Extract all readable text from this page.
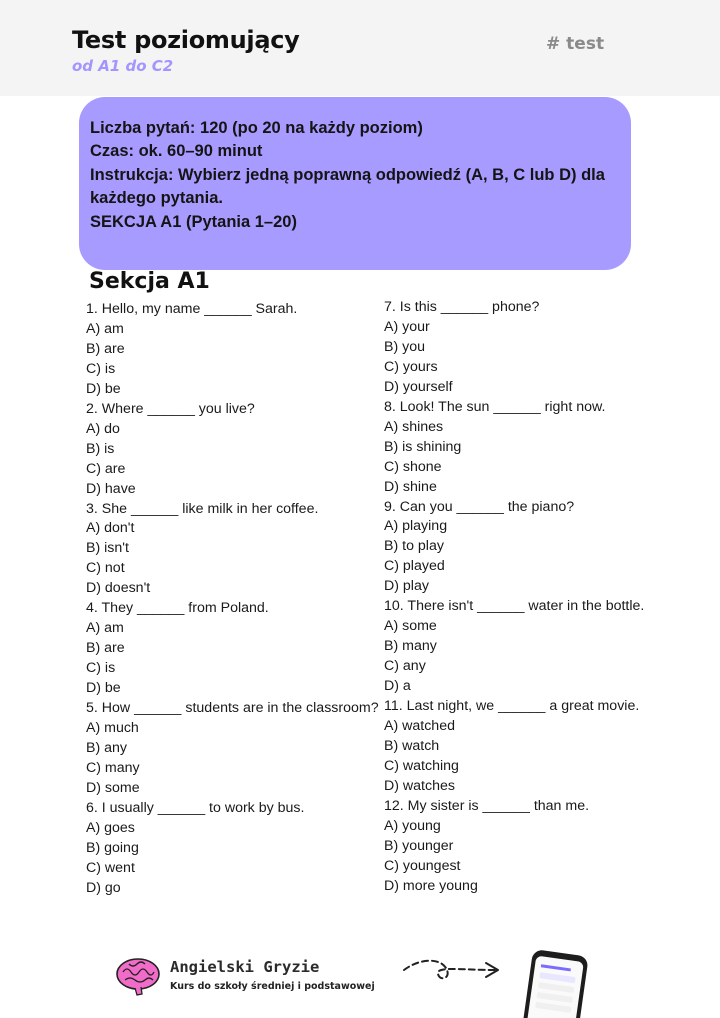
Test poziomujący
od A1 do C2
# test
Liczba pytań: 120 (po 20 na każdy poziom)
Czas: ok. 60–90 minut
Instrukcja: Wybierz jedną poprawną odpowiedź (A, B, C lub D) dla
każdego pytania.
SEKCJA A1 (Pytania 1–20)
Sekcja A1
1. Hello, my name ______ Sarah.
A) am
B) are
C) is
D) be
2. Where ______ you live?
A) do
B) is
C) are
D) have
3. She ______ like milk in her coffee.
A) don't
B) isn't
C) not
D) doesn't
4. They ______ from Poland.
A) am
B) are
C) is
D) be
5. How ______ students are in the classroom?
A) much
B) any
C) many
D) some
6. I usually ______ to work by bus.
A) goes
B) going
C) went
D) go
7. Is this ______ phone?
A) your
B) you
C) yours
D) yourself
8. Look! The sun ______ right now.
A) shines
B) is shining
C) shone
D) shine
9. Can you ______ the piano?
A) playing
B) to play
C) played
D) play
10. There isn't ______ water in the bottle.
A) some
B) many
C) any
D) a
11. Last night, we ______ a great movie.
A) watched
B) watch
C) watching
D) watches
12. My sister is ______ than me.
A) young
B) younger
C) youngest
D) more young
Angielski Gryzie
Kurs do szkoły średniej i podstawowej
